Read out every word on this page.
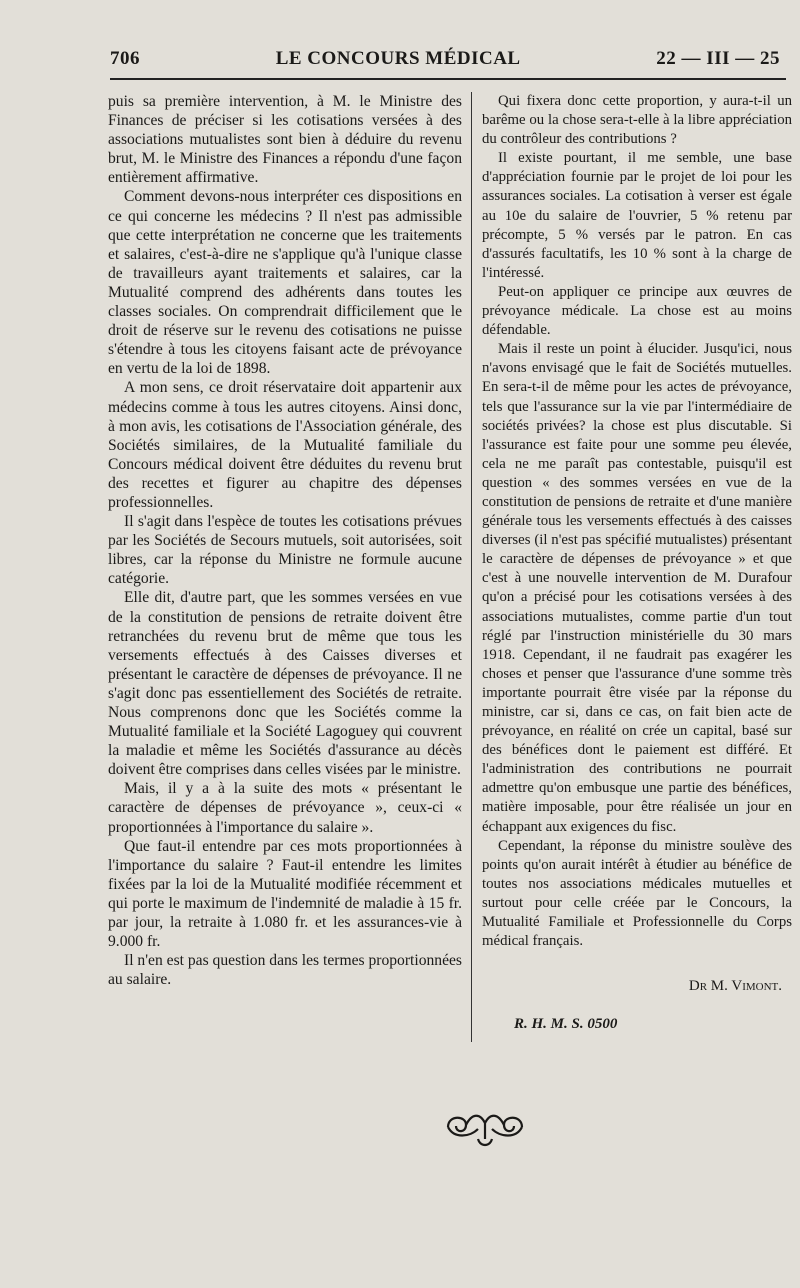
706	LE CONCOURS MÉDICAL	22 — III — 25

puis sa première intervention, à M. le Ministre des Finances de préciser si les cotisations versées à des associations mutualistes sont bien à déduire du revenu brut, M. le Ministre des Finances a répondu d'une façon entièrement affirmative.

Comment devons-nous interpréter ces dispositions en ce qui concerne les médecins ? Il n'est pas admissible que cette interprétation ne concerne que les traitements et salaires, c'est-à-dire ne s'applique qu'à l'unique classe de travailleurs ayant traitements et salaires, car la Mutualité comprend des adhérents dans toutes les classes sociales. On comprendrait difficilement que le droit de réserve sur le revenu des cotisations ne puisse s'étendre à tous les citoyens faisant acte de prévoyance en vertu de la loi de 1898.

A mon sens, ce droit réservataire doit appartenir aux médecins comme à tous les autres citoyens. Ainsi donc, à mon avis, les cotisations de l'Association générale, des Sociétés similaires, de la Mutualité familiale du Concours médical doivent être déduites du revenu brut des recettes et figurer au chapitre des dépenses professionnelles.

Il s'agit dans l'espèce de toutes les cotisations prévues par les Sociétés de Secours mutuels, soit autorisées, soit libres, car la réponse du Ministre ne formule aucune catégorie.

Elle dit, d'autre part, que les sommes versées en vue de la constitution de pensions de retraite doivent être retranchées du revenu brut de même que tous les versements effectués à des Caisses diverses et présentant le caractère de dépenses de prévoyance. Il ne s'agit donc pas essentiellement des Sociétés de retraite. Nous comprenons donc que les Sociétés comme la Mutualité familiale et la Société Lagoguey qui couvrent la maladie et même les Sociétés d'assurance au décès doivent être comprises dans celles visées par le ministre.

Mais, il y a à la suite des mots « présentant le caractère de dépenses de prévoyance », ceux-ci « proportionnées à l'importance du salaire ».

Que faut-il entendre par ces mots proportionnées à l'importance du salaire ? Faut-il entendre les limites fixées par la loi de la Mutualité modifiée récemment et qui porte le maximum de l'indemnité de maladie à 15 fr. par jour, la retraite à 1.080 fr. et les assurances-vie à 9.000 fr.

Il n'en est pas question dans les termes proportionnées au salaire.

Qui fixera donc cette proportion, y aura-t-il un barême ou la chose sera-t-elle à la libre appréciation du contrôleur des contributions ?

Il existe pourtant, il me semble, une base d'appréciation fournie par le projet de loi pour les assurances sociales. La cotisation à verser est égale au 10e du salaire de l'ouvrier, 5 % retenu par précompte, 5 % versés par le patron. En cas d'assurés facultatifs, les 10 % sont à la charge de l'intéressé.

Peut-on appliquer ce principe aux œuvres de prévoyance médicale. La chose est au moins défendable.

Mais il reste un point à élucider. Jusqu'ici, nous n'avons envisagé que le fait de Sociétés mutuelles. En sera-t-il de même pour les actes de prévoyance, tels que l'assurance sur la vie par l'intermédiaire de sociétés privées? la chose est plus discutable. Si l'assurance est faite pour une somme peu élevée, cela ne me paraît pas contestable, puisqu'il est question « des sommes versées en vue de la constitution de pensions de retraite et d'une manière générale tous les versements effectués à des caisses diverses (il n'est pas spécifié mutualistes) présentant le caractère de dépenses de prévoyance » et que c'est à une nouvelle intervention de M. Durafour qu'on a précisé pour les cotisations versées à des associations mutualistes, comme partie d'un tout réglé par l'instruction ministérielle du 30 mars 1918. Cependant, il ne faudrait pas exagérer les choses et penser que l'assurance d'une somme très importante pourrait être visée par la réponse du ministre, car si, dans ce cas, on fait bien acte de prévoyance, en réalité on crée un capital, basé sur des bénéfices dont le paiement est différé. Et l'administration des contributions ne pourrait admettre qu'on embusque une partie des bénéfices, matière imposable, pour être réalisée un jour en échappant aux exigences du fisc.

Cependant, la réponse du ministre soulève des points qu'on aurait intérêt à étudier au bénéfice de toutes nos associations médicales mutuelles et surtout pour celle créée par le Concours, la Mutualité Familiale et Professionnelle du Corps médical français.

Dr M. Vimont.
R. H. M. S. 0500
